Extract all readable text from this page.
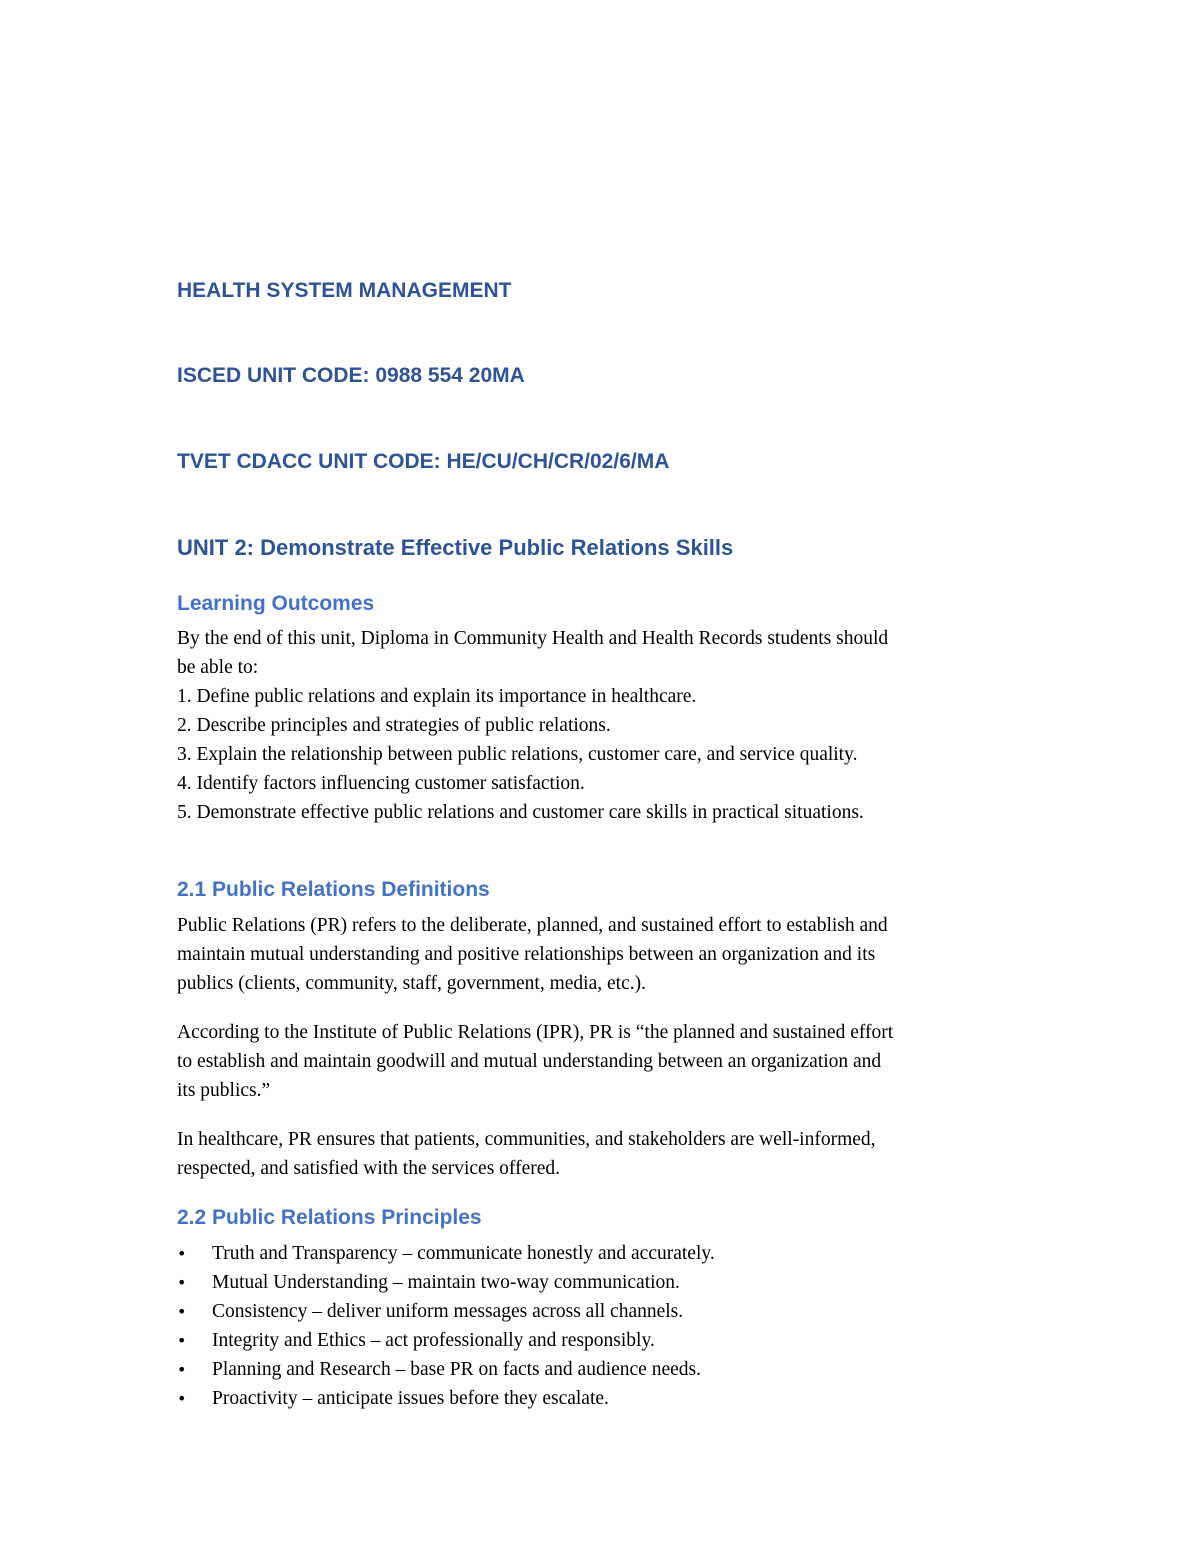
HEALTH SYSTEM MANAGEMENT
ISCED UNIT CODE: 0988 554 20MA
TVET CDACC UNIT CODE: HE/CU/CH/CR/02/6/MA
UNIT 2: Demonstrate Effective Public Relations Skills
Learning Outcomes
By the end of this unit, Diploma in Community Health and Health Records students should
be able to:
1. Define public relations and explain its importance in healthcare.
2. Describe principles and strategies of public relations.
3. Explain the relationship between public relations, customer care, and service quality.
4. Identify factors influencing customer satisfaction.
5. Demonstrate effective public relations and customer care skills in practical situations.
2.1 Public Relations Definitions
Public Relations (PR) refers to the deliberate, planned, and sustained effort to establish and
maintain mutual understanding and positive relationships between an organization and its
publics (clients, community, staff, government, media, etc.).
According to the Institute of Public Relations (IPR), PR is “the planned and sustained effort
to establish and maintain goodwill and mutual understanding between an organization and
its publics.”
In healthcare, PR ensures that patients, communities, and stakeholders are well-informed,
respected, and satisfied with the services offered.
2.2 Public Relations Principles
• Truth and Transparency – communicate honestly and accurately.
• Mutual Understanding – maintain two-way communication.
• Consistency – deliver uniform messages across all channels.
• Integrity and Ethics – act professionally and responsibly.
• Planning and Research – base PR on facts and audience needs.
• Proactivity – anticipate issues before they escalate.
